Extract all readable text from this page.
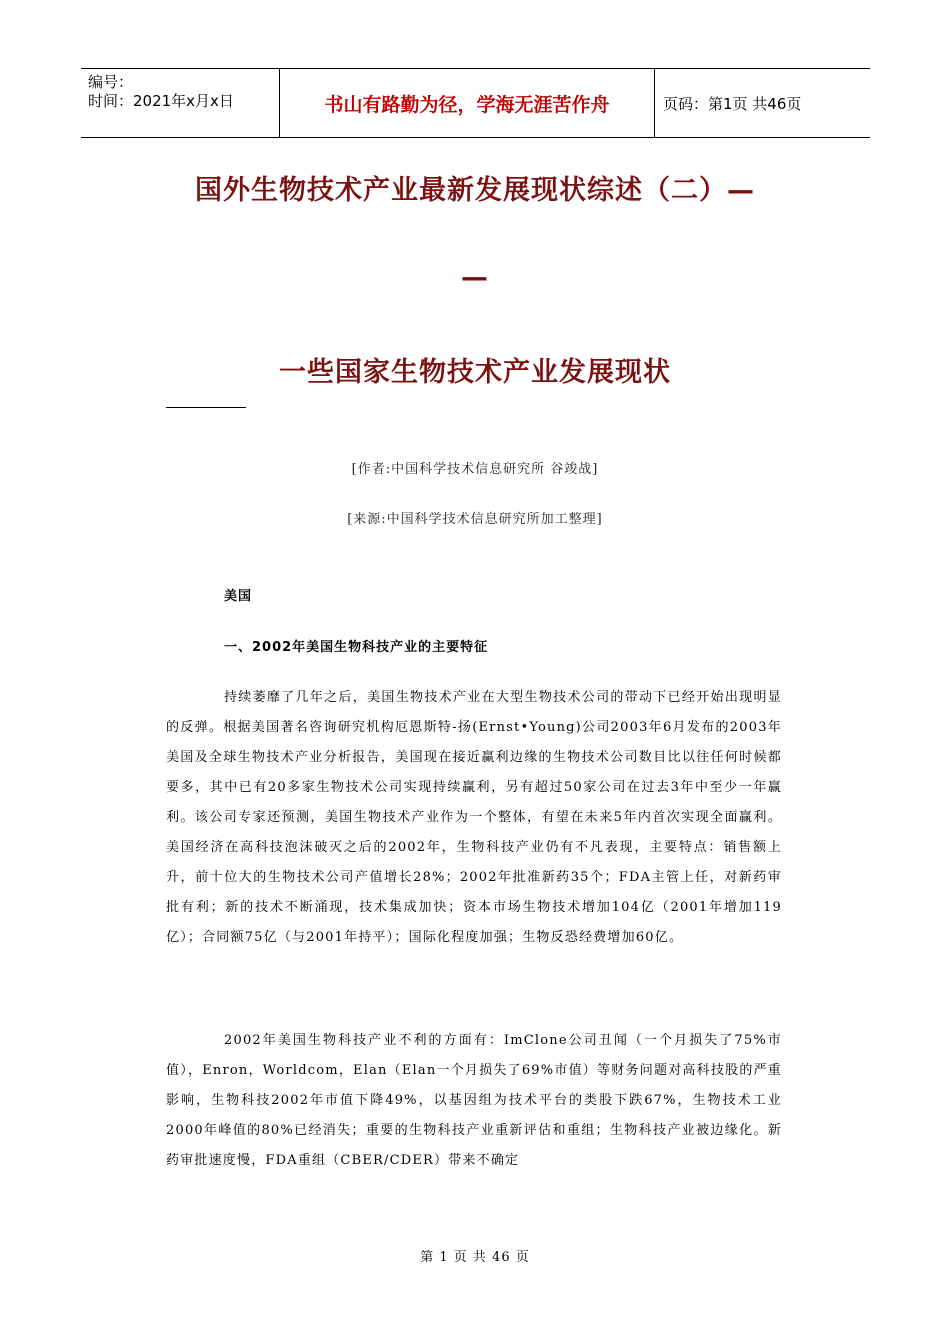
编号：
时间：2021年x月x日	书山有路勤为径，学海无涯苦作舟	页码：第1页 共46页
国外生物技术产业最新发展现状综述（二）—
—
一些国家生物技术产业发展现状
[作者:中国科学技术信息研究所 谷竣战]
[来源:中国科学技术信息研究所加工整理]
美国
一、2002年美国生物科技产业的主要特征

持续萎靡了几年之后，美国生物技术产业在大型生物技术公司的带动下已经开始出现明显的反弹。根据美国著名咨询研究机构厄恩斯特-扬(Ernst•Young)公司2003年6月发布的2003年美国及全球生物技术产业分析报告，美国现在接近赢利边缘的生物技术公司数目比以往任何时候都要多，其中已有20多家生物技术公司实现持续赢利，另有超过50家公司在过去3年中至少一年赢利。该公司专家还预测，美国生物技术产业作为一个整体，有望在未来5年内首次实现全面赢利。美国经济在高科技泡沫破灭之后的2002年，生物科技产业仍有不凡表现，主要特点：销售额上升，前十位大的生物技术公司产值增长28%；2002年批准新药35个；FDA主管上任，对新药审批有利；新的技术不断涌现，技术集成加快；资本市场生物技术增加104亿（2001年增加119亿）；合同额75亿（与2001年持平）；国际化程度加强；生物反恐经费增加60亿。

2002年美国生物科技产业不利的方面有：ImClone公司丑闻（一个月损失了75%市值），Enron，Worldcom，Elan（Elan一个月损失了69%市值）等财务问题对高科技股的严重影响，生物科技2002年市值下降49%，以基因组为技术平台的类股下跌67%，生物技术工业2000年峰值的80%已经消失；重要的生物科技产业重新评估和重组；生物科技产业被边缘化。新药审批速度慢，FDA重组（CBER/CDER）带来不确定

第 1 页 共 46 页
